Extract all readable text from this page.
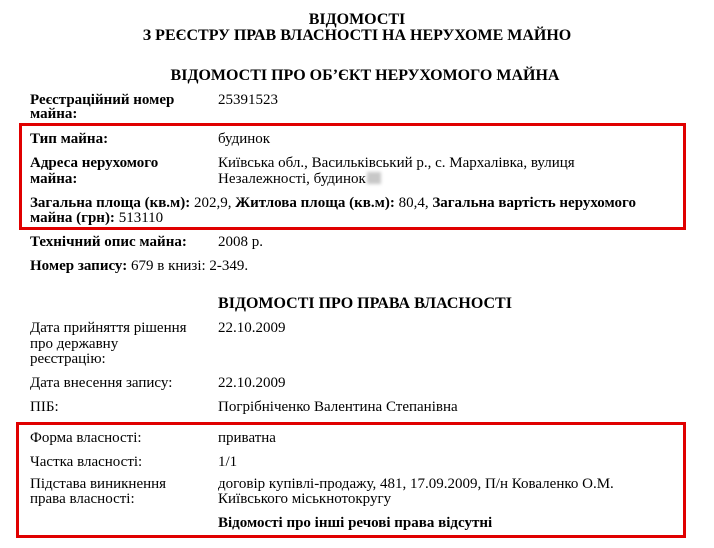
ВІДОМОСТІ
З РЕЄСТРУ ПРАВ ВЛАСНОСТІ НА НЕРУХОМЕ МАЙНО
ВІДОМОСТІ ПРО ОБ’ЄКТ НЕРУХОМОГО МАЙНА
Реєстраційний номер
майна:
25391523
Тип майна:	будинок
Адреса нерухомого
майна:
Київська обл., Васильківський р., с. Мархалівка, вулиця
Незалежності, будинок
Загальна площа (кв.м): 202,9, Житлова площа (кв.м): 80,4, Загальна вартість нерухомого
майна (грн): 513110
Технічний опис майна: 2008 р.
Номер запису: 679 в книзі: 2-349.
ВІДОМОСТІ ПРО ПРАВА ВЛАСНОСТІ
Дата прийняття рішення
про державну
реєстрацію:
22.10.2009
Дата внесення запису:	22.10.2009
ПІБ:	Погрібніченко Валентина Степанівна
Форма власності:	приватна
Частка власності:	1/1
Підстава виникнення
права власності:
договір купівлі-продажу, 481, 17.09.2009, П/н Коваленко О.М.
Київського міськнотокругу
Відомості про інші речові права відсутні
